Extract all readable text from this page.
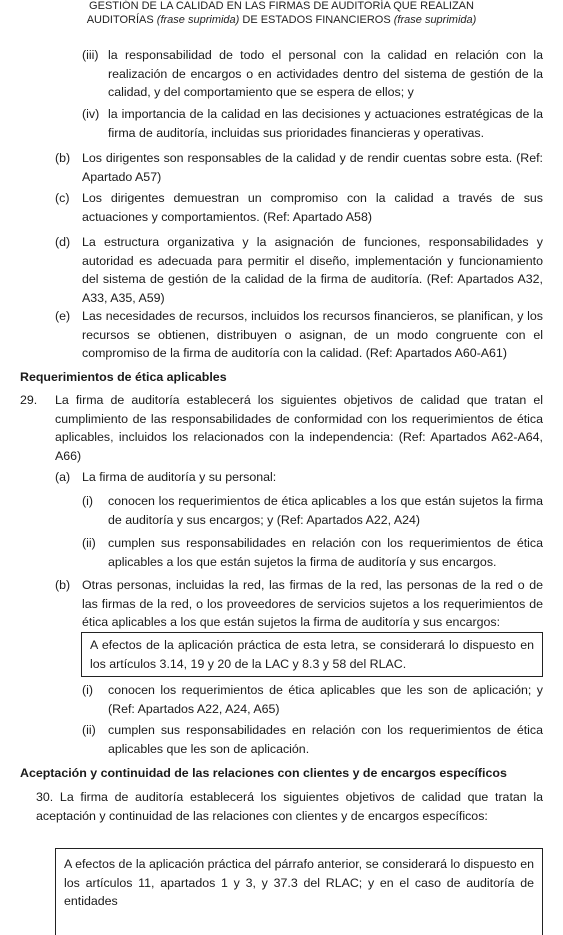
GESTIÓN DE LA CALIDAD EN LAS FIRMAS DE AUDITORÍA QUE REALIZAN
AUDITORÍAS (frase suprimida) DE ESTADOS FINANCIEROS (frase suprimida)
(iii) la responsabilidad de todo el personal con la calidad en relación con la realización de encargos o en actividades dentro del sistema de gestión de la calidad, y del comportamiento que se espera de ellos; y
(iv) la importancia de la calidad en las decisiones y actuaciones estratégicas de la firma de auditoría, incluidas sus prioridades financieras y operativas.
(b) Los dirigentes son responsables de la calidad y de rendir cuentas sobre esta. (Ref: Apartado A57)
(c) Los dirigentes demuestran un compromiso con la calidad a través de sus actuaciones y comportamientos. (Ref: Apartado A58)
(d) La estructura organizativa y la asignación de funciones, responsabilidades y autoridad es adecuada para permitir el diseño, implementación y funcionamiento del sistema de gestión de la calidad de la firma de auditoría. (Ref: Apartados A32, A33, A35, A59)
(e) Las necesidades de recursos, incluidos los recursos financieros, se planifican, y los recursos se obtienen, distribuyen o asignan, de un modo congruente con el compromiso de la firma de auditoría con la calidad. (Ref: Apartados A60-A61)
Requerimientos de ética aplicables
29. La firma de auditoría establecerá los siguientes objetivos de calidad que tratan el cumplimiento de las responsabilidades de conformidad con los requerimientos de ética aplicables, incluidos los relacionados con la independencia: (Ref: Apartados A62-A64, A66)
(a) La firma de auditoría y su personal:
(i) conocen los requerimientos de ética aplicables a los que están sujetos la firma de auditoría y sus encargos; y (Ref: Apartados A22, A24)
(ii) cumplen sus responsabilidades en relación con los requerimientos de ética aplicables a los que están sujetos la firma de auditoría y sus encargos.
(b) Otras personas, incluidas la red, las firmas de la red, las personas de la red o de las firmas de la red, o los proveedores de servicios sujetos a los requerimientos de ética aplicables a los que están sujetos la firma de auditoría y sus encargos:
A efectos de la aplicación práctica de esta letra, se considerará lo dispuesto en los artículos 3.14, 19 y 20 de la LAC y 8.3 y 58 del RLAC.
(i) conocen los requerimientos de ética aplicables que les son de aplicación; y (Ref: Apartados A22, A24, A65)
(ii) cumplen sus responsabilidades en relación con los requerimientos de ética aplicables que les son de aplicación.
Aceptación y continuidad de las relaciones con clientes y de encargos específicos
30. La firma de auditoría establecerá los siguientes objetivos de calidad que tratan la aceptación y continuidad de las relaciones con clientes y de encargos específicos:
A efectos de la aplicación práctica del párrafo anterior, se considerará lo dispuesto en los artículos 11, apartados 1 y 3, y 37.3 del RLAC; y en el caso de auditoría de entidades
